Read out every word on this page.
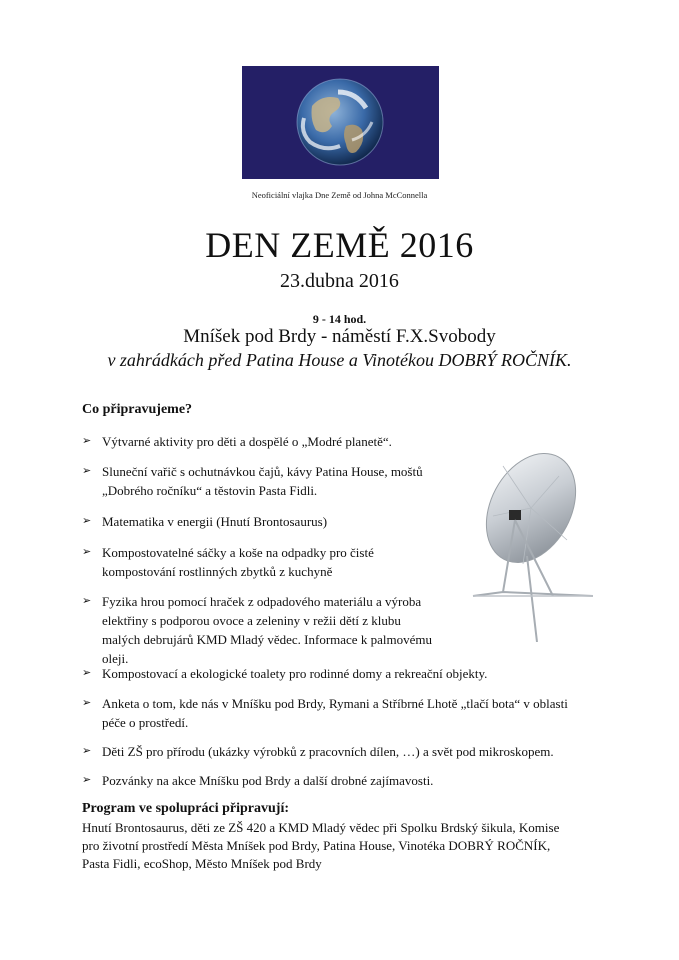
Neoficiální vlajka Dne Země od Johna McConnella
DEN ZEMĚ 2016
23.dubna 2016
9 - 14 hod.
Mníšek pod Brdy - náměstí F.X.Svobody
v zahrádkách před Patina House a Vinotékou DOBRÝ ROČNÍK.
Co připravujeme?
➢ Výtvarné aktivity pro děti a dospělé o „Modré planetě“.
➢ Sluneční vařič s ochutnávkou čajů, kávy Patina House, moštů
„Dobrého ročníku“ a těstovin Pasta Fidli.
➢ Matematika v energii (Hnutí Brontosaurus)
➢ Kompostovatelné sáčky a koše na odpadky pro čisté
kompostování rostlinných zbytků z kuchyně
➢ Fyzika hrou pomocí hraček z odpadového materiálu a výroba
elektřiny s podporou ovoce a zeleniny v režii dětí z klubu
malých debrujárů KMD Mladý vědec. Informace k palmovému
oleji.
➢ Kompostovací a ekologické toalety pro rodinné domy a rekreační objekty.
➢ Anketa o tom, kde nás v Mníšku pod Brdy, Rymani a Stříbrné Lhotě „tlačí bota“ v oblasti
péče o prostředí.
➢ Děti ZŠ pro přírodu (ukázky výrobků z pracovních dílen, …) a svět pod mikroskopem.
➢ Pozvánky na akce Mníšku pod Brdy a další drobné zajímavosti.
Program ve spolupráci připravují:
Hnutí Brontosaurus, děti ze ZŠ 420 a KMD Mladý vědec při Spolku Brdský šikula, Komise
pro životní prostředí Města Mníšek pod Brdy, Patina House, Vinotéka DOBRÝ ROČNÍK,
Pasta Fidli, ecoShop, Město Mníšek pod Brdy
